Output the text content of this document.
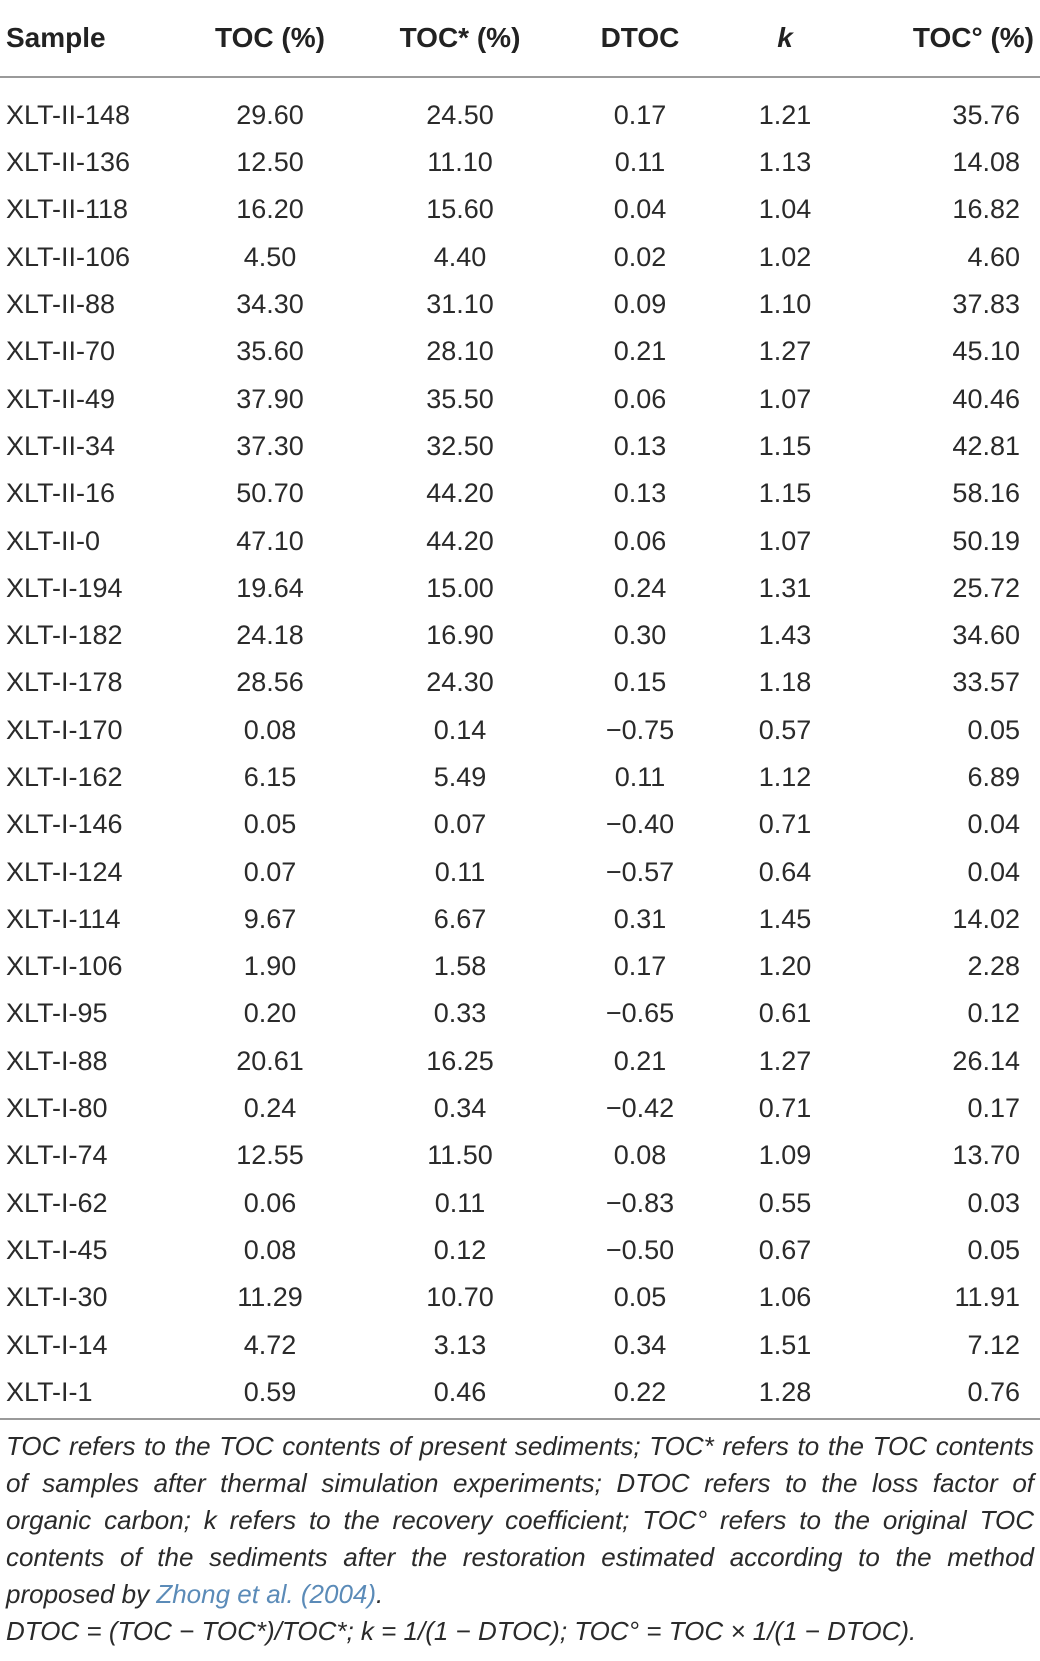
Sample	TOC (%)	TOC* (%)	DTOC	k	TOC° (%)
XLT-II-148	29.60	24.50	0.17	1.21	35.76
XLT-II-136	12.50	11.10	0.11	1.13	14.08
XLT-II-118	16.20	15.60	0.04	1.04	16.82
XLT-II-106	4.50	4.40	0.02	1.02	4.60
XLT-II-88	34.30	31.10	0.09	1.10	37.83
XLT-II-70	35.60	28.10	0.21	1.27	45.10
XLT-II-49	37.90	35.50	0.06	1.07	40.46
XLT-II-34	37.30	32.50	0.13	1.15	42.81
XLT-II-16	50.70	44.20	0.13	1.15	58.16
XLT-II-0	47.10	44.20	0.06	1.07	50.19
XLT-I-194	19.64	15.00	0.24	1.31	25.72
XLT-I-182	24.18	16.90	0.30	1.43	34.60
XLT-I-178	28.56	24.30	0.15	1.18	33.57
XLT-I-170	0.08	0.14	−0.75	0.57	0.05
XLT-I-162	6.15	5.49	0.11	1.12	6.89
XLT-I-146	0.05	0.07	−0.40	0.71	0.04
XLT-I-124	0.07	0.11	−0.57	0.64	0.04
XLT-I-114	9.67	6.67	0.31	1.45	14.02
XLT-I-106	1.90	1.58	0.17	1.20	2.28
XLT-I-95	0.20	0.33	−0.65	0.61	0.12
XLT-I-88	20.61	16.25	0.21	1.27	26.14
XLT-I-80	0.24	0.34	−0.42	0.71	0.17
XLT-I-74	12.55	11.50	0.08	1.09	13.70
XLT-I-62	0.06	0.11	−0.83	0.55	0.03
XLT-I-45	0.08	0.12	−0.50	0.67	0.05
XLT-I-30	11.29	10.70	0.05	1.06	11.91
XLT-I-14	4.72	3.13	0.34	1.51	7.12
XLT-I-1	0.59	0.46	0.22	1.28	0.76

TOC refers to the TOC contents of present sediments; TOC* refers to the TOC contents of samples after thermal simulation experiments; DTOC refers to the loss factor of organic carbon; k refers to the recovery coefficient; TOC° refers to the original TOC contents of the sediments after the restoration estimated according to the method proposed by Zhong et al. (2004).

DTOC = (TOC − TOC*)/TOC*; k = 1/(1 − DTOC); TOC° = TOC × 1/(1 − DTOC).
